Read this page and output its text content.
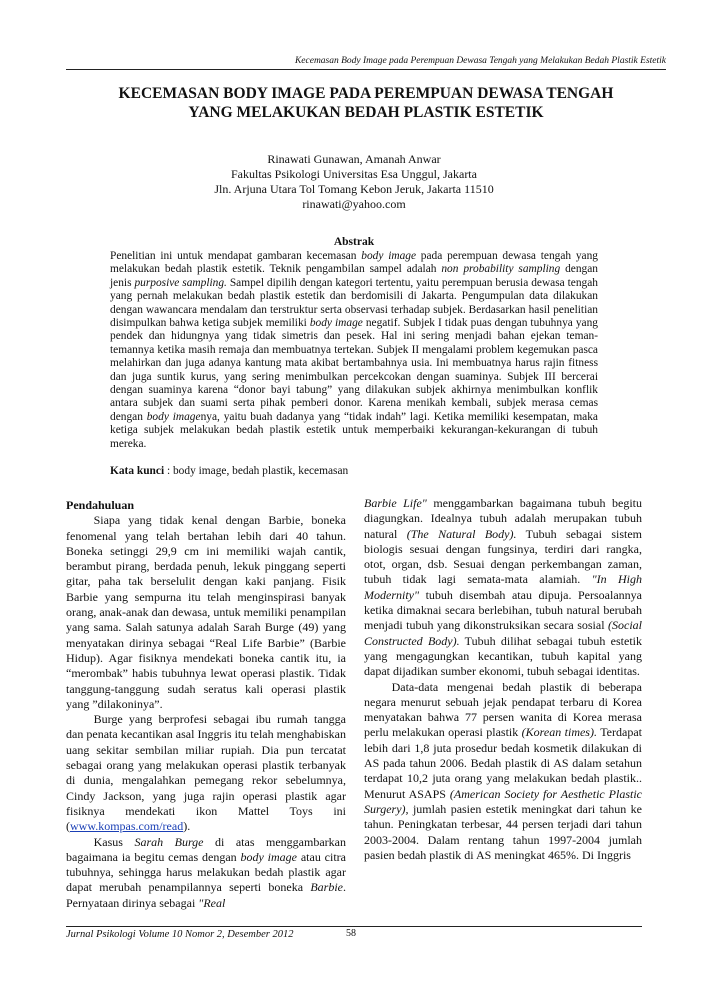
Kecemasan Body Image pada Perempuan Dewasa Tengah yang Melakukan Bedah Plastik Estetik
KECEMASAN BODY IMAGE PADA PEREMPUAN DEWASA TENGAH
YANG MELAKUKAN BEDAH PLASTIK ESTETIK
Rinawati Gunawan, Amanah Anwar
Fakultas Psikologi Universitas Esa Unggul, Jakarta
Jln. Arjuna Utara Tol Tomang Kebon Jeruk, Jakarta 11510
rinawati@yahoo.com
Abstrak

Penelitian ini untuk mendapat gambaran kecemasan body image pada perempuan dewasa tengah yang melakukan bedah plastik estetik. Teknik pengambilan sampel adalah non probability sampling dengan jenis purposive sampling. Sampel dipilih dengan kategori tertentu, yaitu perempuan berusia dewasa tengah yang pernah melakukan bedah plastik estetik dan berdomisili di Jakarta. Pengumpulan data dilakukan dengan wawancara mendalam dan terstruktur serta observasi terhadap subjek. Berdasarkan hasil penelitian disimpulkan bahwa ketiga subjek memiliki body image negatif. Subjek I tidak puas dengan tubuhnya yang pendek dan hidungnya yang tidak simetris dan pesek. Hal ini sering menjadi bahan ejekan teman-temannya ketika masih remaja dan membuatnya tertekan. Subjek II mengalami problem kegemukan pasca melahirkan dan juga adanya kantung mata akibat bertambahnya usia. Ini membuatnya harus rajin fitness dan juga suntik kurus, yang sering menimbulkan percekcokan dengan suaminya. Subjek III bercerai dengan suaminya karena “donor bayi tabung” yang dilakukan subjek akhirnya menimbulkan konflik antara subjek dan suami serta pihak pemberi donor. Karena menikah kembali, subjek merasa cemas dengan body imagenya, yaitu buah dadanya yang “tidak indah” lagi. Ketika memiliki kesempatan, maka ketiga subjek melakukan bedah plastik estetik untuk memperbaiki kekurangan-kekurangan di tubuh mereka.

Kata kunci : body image, bedah plastik, kecemasan

Pendahuluan

Siapa yang tidak kenal dengan Barbie, boneka fenomenal yang telah bertahan lebih dari 40 tahun. Boneka setinggi 29,9 cm ini memiliki wajah cantik, berambut pirang, berdada penuh, lekuk pinggang seperti gitar, paha tak berselulit dengan kaki panjang. Fisik Barbie yang sempurna itu telah menginspirasi banyak orang, anak-anak dan dewasa, untuk memiliki penampilan yang sama. Salah satunya adalah Sarah Burge (49) yang menyatakan dirinya sebagai “Real Life Barbie” (Barbie Hidup). Agar fisiknya mendekati boneka cantik itu, ia “merombak” habis tubuhnya lewat operasi plastik. Tidak tanggung-tanggung sudah seratus kali operasi plastik yang ”dilakoninya”.

Burge yang berprofesi sebagai ibu rumah tangga dan penata kecantikan asal Inggris itu telah menghabiskan uang sekitar sembilan miliar rupiah. Dia pun tercatat sebagai orang yang melakukan operasi plastik terbanyak di dunia, mengalahkan pemegang rekor sebelumnya, Cindy Jackson, yang juga rajin operasi plastik agar fisiknya mendekati ikon Mattel Toys ini (www.kompas.com/read).

Kasus Sarah Burge di atas menggambarkan bagaimana ia begitu cemas dengan body image atau citra tubuhnya, sehingga harus melakukan bedah plastik agar dapat merubah penampilannya seperti boneka Barbie. Pernyataan dirinya sebagai "Real

Barbie Life" menggambarkan bagaimana tubuh begitu diagungkan. Idealnya tubuh adalah merupakan tubuh natural (The Natural Body). Tubuh sebagai sistem biologis sesuai dengan fungsinya, terdiri dari rangka, otot, organ, dsb. Sesuai dengan perkembangan zaman, tubuh tidak lagi semata-mata alamiah. "In High Modernity" tubuh disembah atau dipuja. Persoalannya ketika dimaknai secara berlebihan, tubuh natural berubah menjadi tubuh yang dikonstruksikan secara sosial (Social Constructed Body). Tubuh dilihat sebagai tubuh estetik yang mengagungkan kecantikan, tubuh kapital yang dapat dijadikan sumber ekonomi, tubuh sebagai identitas.

Data-data mengenai bedah plastik di beberapa negara menurut sebuah jejak pendapat terbaru di Korea menyatakan bahwa 77 persen wanita di Korea merasa perlu melakukan operasi plastik (Korean times). Terdapat lebih dari 1,8 juta prosedur bedah kosmetik dilakukan di AS pada tahun 2006. Bedah plastik di AS dalam setahun terdapat 10,2 juta orang yang melakukan bedah plastik.. Menurut ASAPS (American Society for Aesthetic Plastic Surgery), jumlah pasien estetik meningkat dari tahun ke tahun. Peningkatan terbesar, 44 persen terjadi dari tahun 2003-2004. Dalam rentang tahun 1997-2004 jumlah pasien bedah plastik di AS meningkat 465%. Di Inggris

Jurnal Psikologi Volume 10 Nomor 2, Desember 2012	58
